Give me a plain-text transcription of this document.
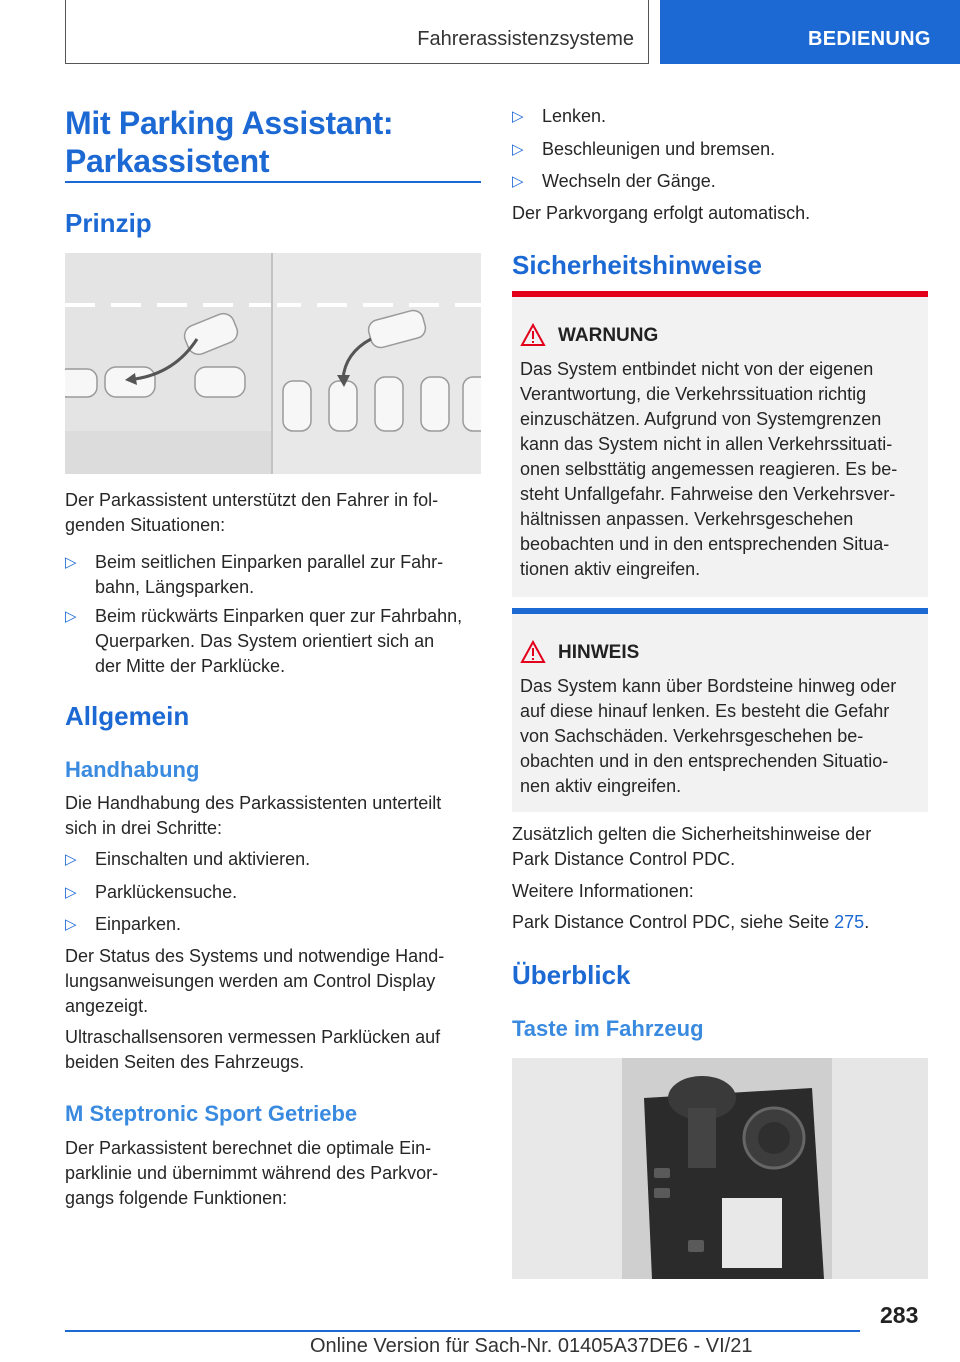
Fahrerassistenzsysteme	BEDIENUNG
Mit Parking Assistant:
Parkassistent
Prinzip
Der Parkassistent unterstützt den Fahrer in fol-
genden Situationen:
▷ Beim seitlichen Einparken parallel zur Fahr-
bahn, Längsparken.
▷ Beim rückwärts Einparken quer zur Fahrbahn,
Querparken. Das System orientiert sich an
der Mitte der Parklücke.
Allgemein
Handhabung
Die Handhabung des Parkassistenten unterteilt
sich in drei Schritte:
▷ Einschalten und aktivieren.
▷ Parklückensuche.
▷ Einparken.
Der Status des Systems und notwendige Hand-
lungsanweisungen werden am Control Display
angezeigt.
Ultraschallsensoren vermessen Parklücken auf
beiden Seiten des Fahrzeugs.
M Steptronic Sport Getriebe
Der Parkassistent berechnet die optimale Ein-
parklinie und übernimmt während des Parkvor-
gangs folgende Funktionen:
▷ Lenken.
▷ Beschleunigen und bremsen.
▷ Wechseln der Gänge.
Der Parkvorgang erfolgt automatisch.
Sicherheitshinweise
WARNUNG
Das System entbindet nicht von der eigenen
Verantwortung, die Verkehrssituation richtig
einzuschätzen. Aufgrund von Systemgrenzen
kann das System nicht in allen Verkehrssituati-
onen selbsttätig angemessen reagieren. Es be-
steht Unfallgefahr. Fahrweise den Verkehrsver-
hältnissen anpassen. Verkehrsgeschehen
beobachten und in den entsprechenden Situa-
tionen aktiv eingreifen.
HINWEIS
Das System kann über Bordsteine hinweg oder
auf diese hinauf lenken. Es besteht die Gefahr
von Sachschäden. Verkehrsgeschehen be-
obachten und in den entsprechenden Situatio-
nen aktiv eingreifen.
Zusätzlich gelten die Sicherheitshinweise der
Park Distance Control PDC.
Weitere Informationen:
Park Distance Control PDC, siehe Seite 275.
Überblick
Taste im Fahrzeug
283
Online Version für Sach-Nr. 01405A37DE6 - VI/21
